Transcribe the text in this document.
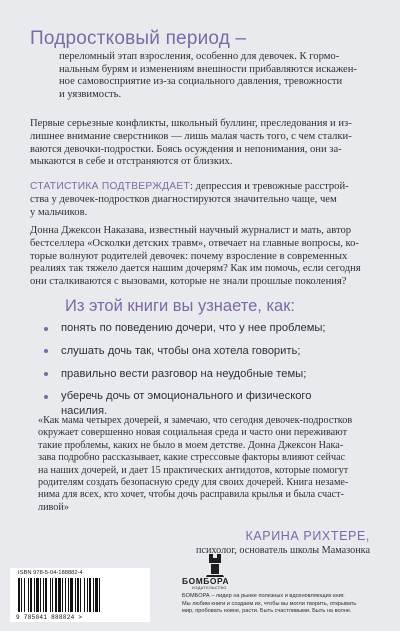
Подростковый период –
переломный этап взросления, особенно для девочек. К гормо-
нальным бурям и изменениям внешности прибавляются искажен-
ное самовосприятие из-за социального давления, тревожности
и уязвимость.
Первые серьезные конфликты, школьный буллинг, преследования и из-
лишнее внимание сверстников — лишь малая часть того, с чем сталки-
ваются девочки-подростки. Боясь осуждения и непонимания, они за-
мыкаются в себе и отстраняются от близких.
СТАТИСТИКА ПОДТВЕРЖДАЕТ: депрессия и тревожные расстрой-
ства у девочек-подростков диагностируются значительно чаще, чем
у мальчиков.
Донна Джексон Наказава, известный научный журналист и мать, автор
бестселлера «Осколки детских травм», отвечает на главные вопросы, ко-
торые волнуют родителей девочек: почему взросление в современных
реалиях так тяжело дается нашим дочерям? Как им помочь, если сегодня
они сталкиваются с вызовами, которые не знали прошлые поколения?
Из этой книги вы узнаете, как:
понять по поведению дочери, что у нее проблемы;
слушать дочь так, чтобы она хотела говорить;
правильно вести разговор на неудобные темы;
уберечь дочь от эмоционального и физического
насилия.
«Как мама четырех дочерей, я замечаю, что сегодня девочек-подростков
окружает совершенно новая социальная среда и часто они переживают
такие проблемы, каких не было в моем детстве. Донна Джексон Нака-
зава подробно рассказывает, какие стрессовые факторы влияют сейчас
на наших дочерей, и дает 15 практических антидотов, которые помогут
родителям создать безопасную среду для своих дочерей. Книга незаме-
нима для всех, кто хочет, чтобы дочь расправила крылья и была счаст-
ливой»
КАРИНА РИХТЕРЕ,
психолог, основатель школы Мамазонка
ISBN 978-5-04-188882-4
9 785041 888824 >
БОМБОРА
ИЗДАТЕЛЬСТВО
БОМБОРА – лидер на рынке полезных и вдохновляющих книг.
Мы любим книги и создаем их, чтобы вы могли творить, открывать
мир, пробовать новое, расти. Быть счастливыми. Быть на волне.
